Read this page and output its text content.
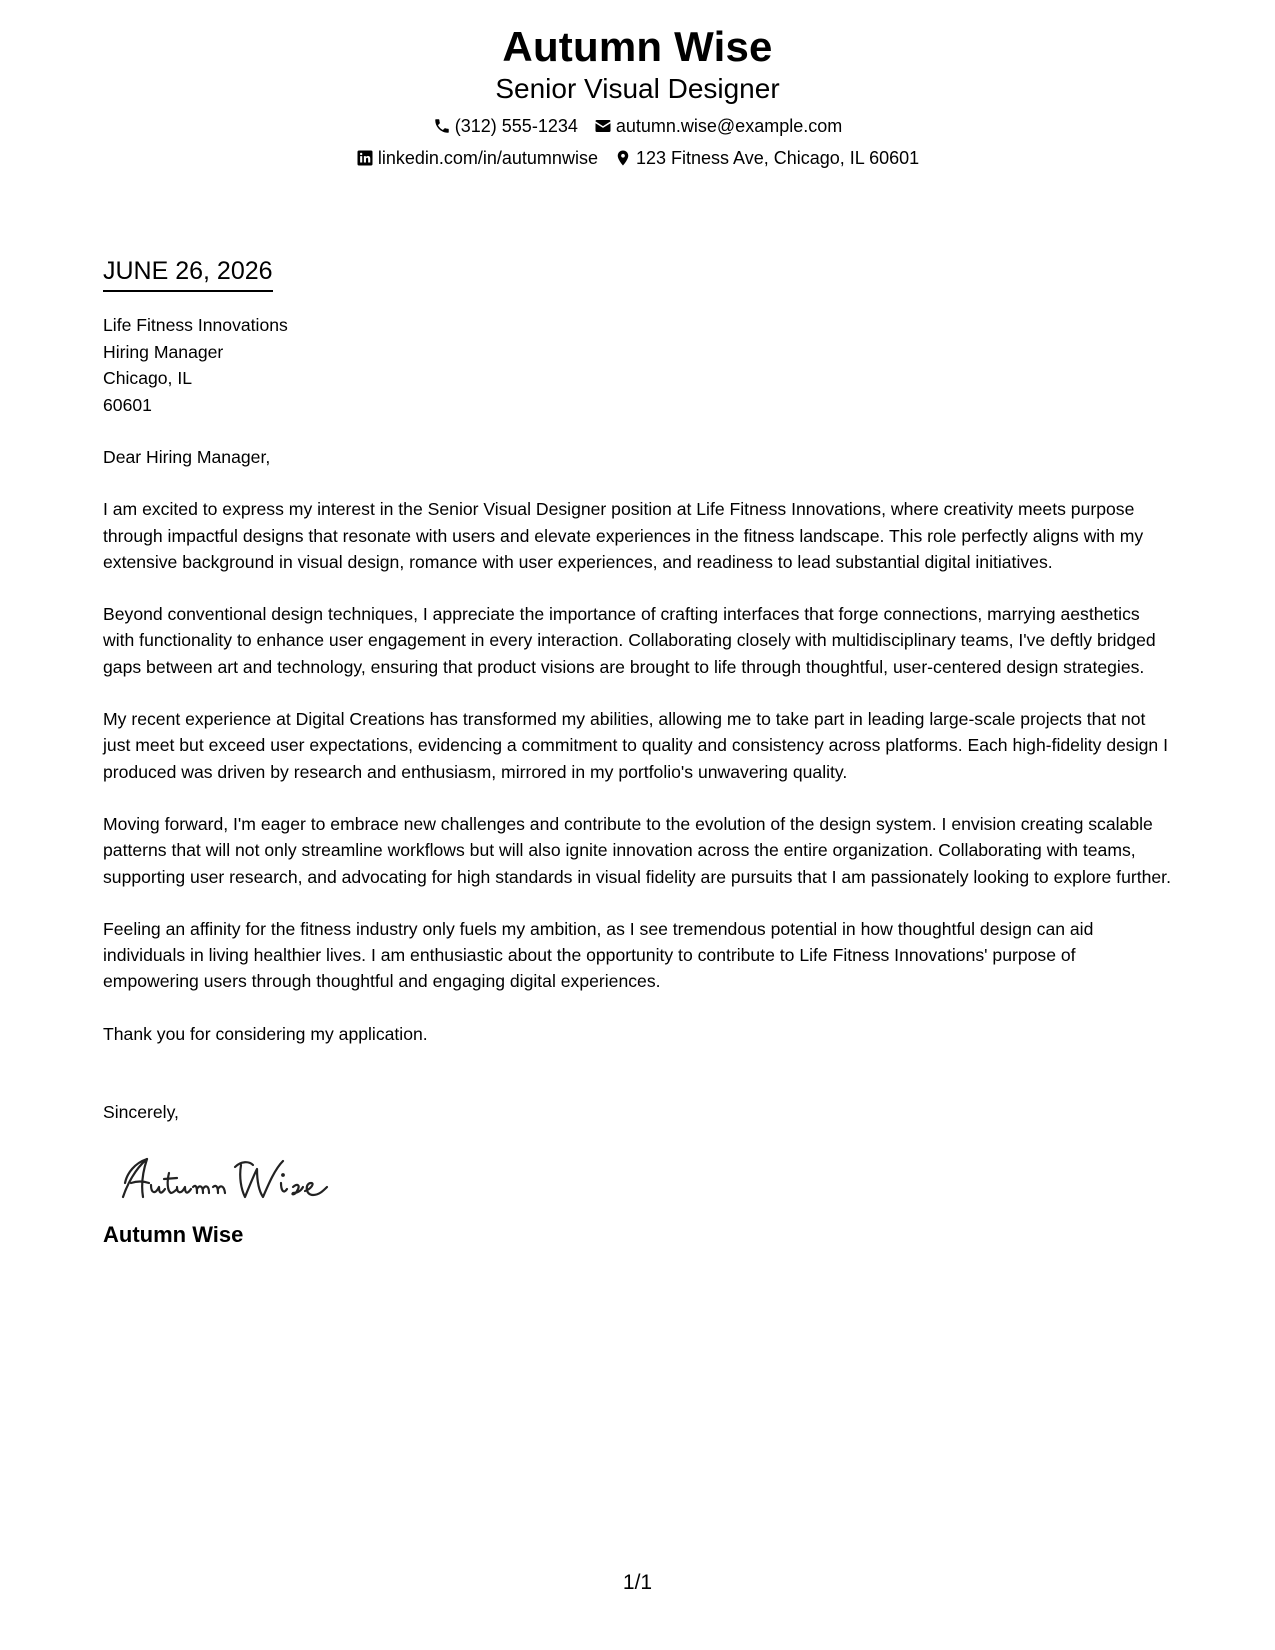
Autumn Wise
Senior Visual Designer
(312) 555-1234 autumn.wise@example.com
linkedin.com/in/autumnwise 123 Fitness Ave, Chicago, IL 60601
JUNE 26, 2026
Life Fitness Innovations
Hiring Manager
Chicago, IL
60601
Dear Hiring Manager,

I am excited to express my interest in the Senior Visual Designer position at Life Fitness Innovations, where creativity meets purpose through impactful designs that resonate with users and elevate experiences in the fitness landscape. This role perfectly aligns with my extensive background in visual design, romance with user experiences, and readiness to lead substantial digital initiatives.

Beyond conventional design techniques, I appreciate the importance of crafting interfaces that forge connections, marrying aesthetics with functionality to enhance user engagement in every interaction. Collaborating closely with multidisciplinary teams, I've deftly bridged gaps between art and technology, ensuring that product visions are brought to life through thoughtful, user-centered design strategies.

My recent experience at Digital Creations has transformed my abilities, allowing me to take part in leading large-scale projects that not just meet but exceed user expectations, evidencing a commitment to quality and consistency across platforms. Each high-fidelity design I produced was driven by research and enthusiasm, mirrored in my portfolio's unwavering quality.

Moving forward, I'm eager to embrace new challenges and contribute to the evolution of the design system. I envision creating scalable patterns that will not only streamline workflows but will also ignite innovation across the entire organization. Collaborating with teams, supporting user research, and advocating for high standards in visual fidelity are pursuits that I am passionately looking to explore further.

Feeling an affinity for the fitness industry only fuels my ambition, as I see tremendous potential in how thoughtful design can aid individuals in living healthier lives. I am enthusiastic about the opportunity to contribute to Life Fitness Innovations' purpose of empowering users through thoughtful and engaging digital experiences.

Thank you for considering my application.
Sincerely,
Autumn Wise
1/1
